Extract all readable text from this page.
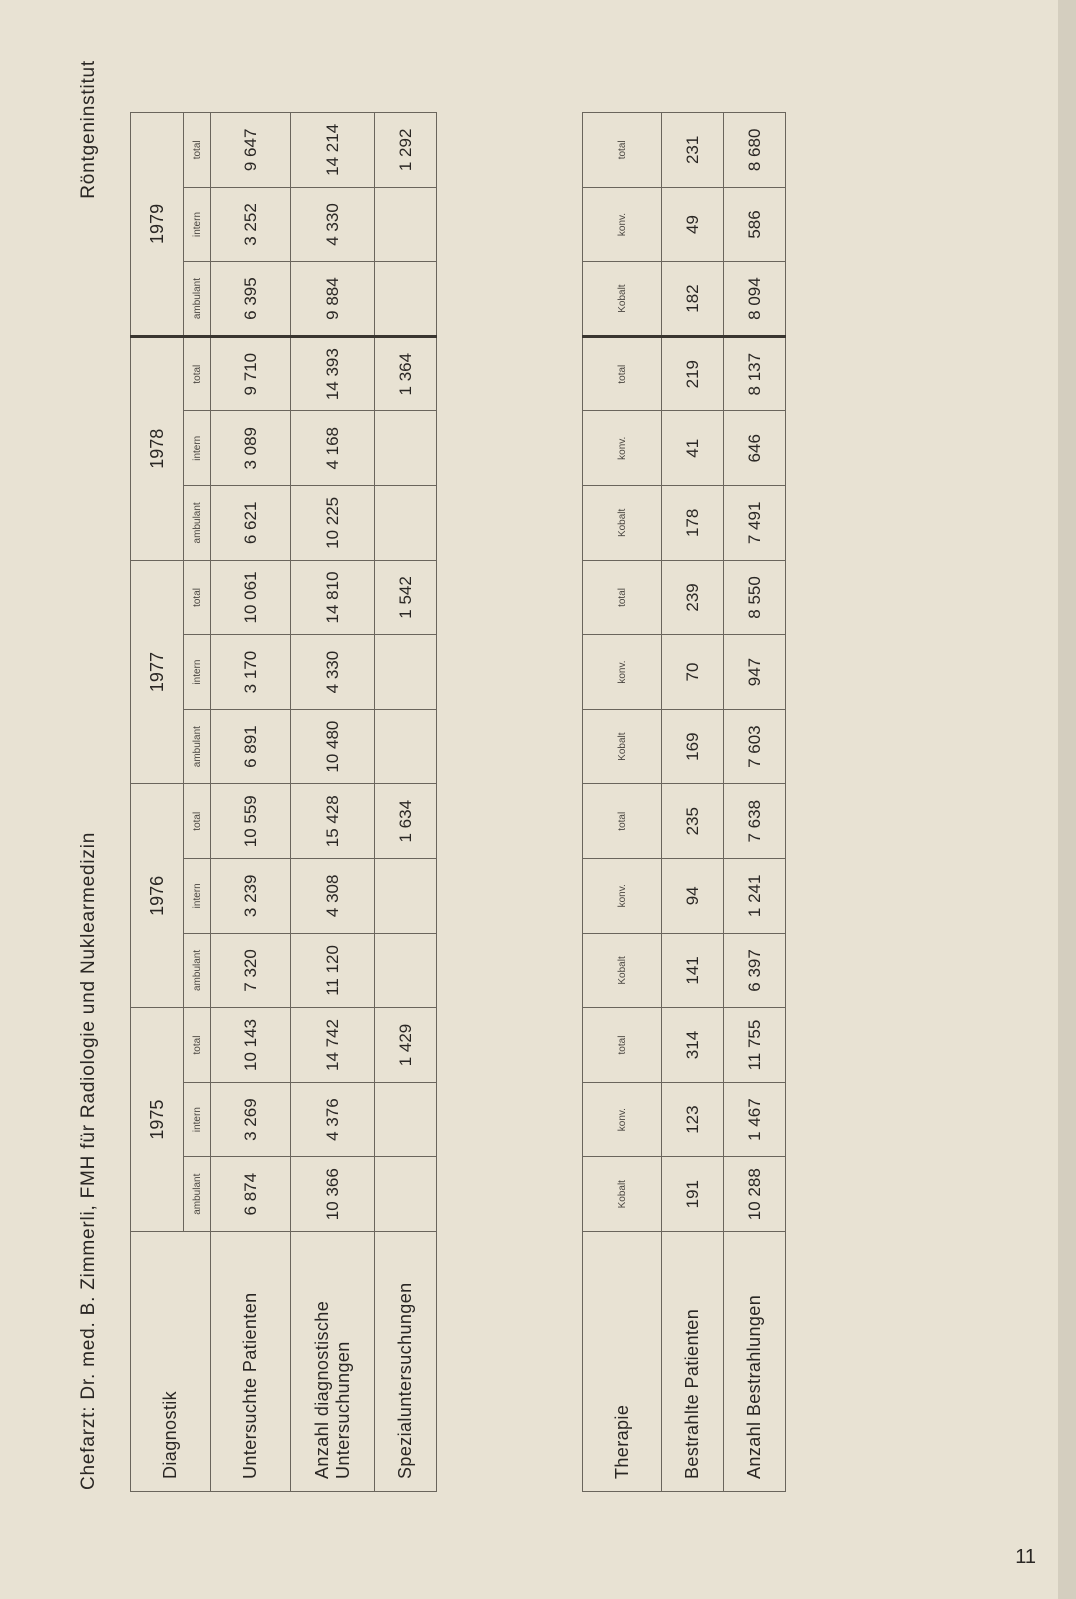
Chefarzt: Dr. med. B. Zimmerli, FMH für Radiologie und Nuklearmedizin
Röntgeninstitut
Diagnostik	1975			1976			1977			1978			1979		
	ambulant	intern	total	ambulant	intern	total	ambulant	intern	total	ambulant	intern	total	ambulant	intern	total
Untersuchte Patienten	6 874	3 269	10 143	7 320	3 239	10 559	6 891	3 170	10 061	6 621	3 089	9 710	6 395	3 252	9 647
Anzahl diagnostische Untersuchungen	10 366	4 376	14 742	11 120	4 308	15 428	10 480	4 330	14 810	10 225	4 168	14 393	9 884	4 330	14 214
Spezialuntersuchungen			1 429			1 634			1 542			1 364			1 292
Therapie	Kobalt	konv.	total	Kobalt	konv.	total	Kobalt	konv.	total	Kobalt	konv.	total	Kobalt	konv.	total
Bestrahlte Patienten	191	123	314	141	94	235	169	70	239	178	41	219	182	49	231
Anzahl Bestrahlungen	10 288	1 467	11 755	6 397	1 241	7 638	7 603	947	8 550	7 491	646	8 137	8 094	586	8 680
11
